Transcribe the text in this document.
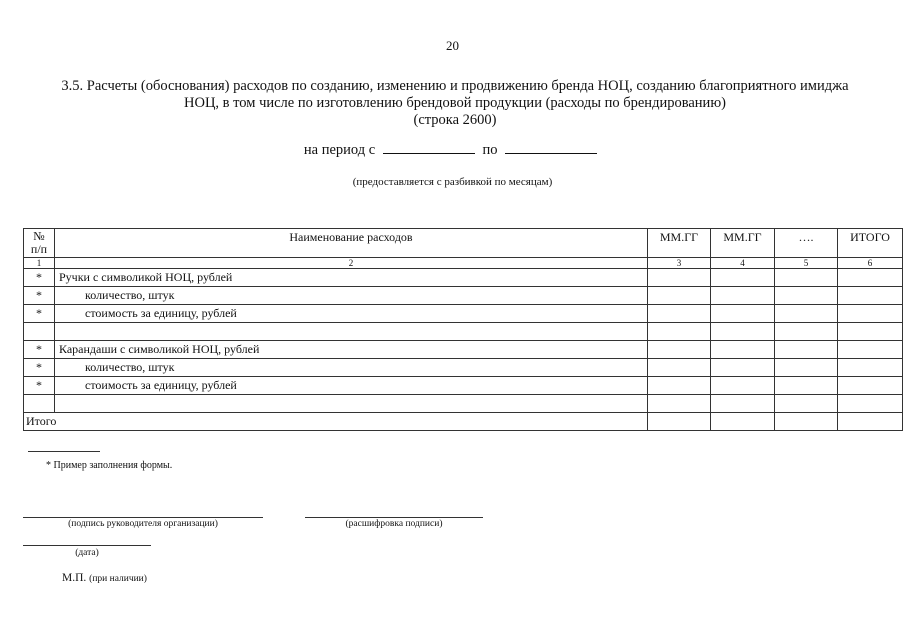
20
3.5. Расчеты (обоснования) расходов по созданию, изменению и продвижению бренда НОЦ, созданию благоприятного имиджа
НОЦ, в том числе по изготовлению брендовой продукции (расходы по брендированию)
(строка 2600)
на период с	по
(предоставляется с разбивкой по месяцам)
№ п/п	Наименование расходов	ММ.ГГ	ММ.ГГ	….	ИТОГО
1	2	3	4	5	6
*	Ручки с символикой НОЦ, рублей				
*	количество, штук				
*	стоимость за единицу, рублей				

*	Карандаши с символикой НОЦ, рублей				
*	количество, штук				
*	стоимость за единицу, рублей				

Итого					
* Пример заполнения формы.
(подпись руководителя организации)	(расшифровка подписи)
(дата)
М.П. (при наличии)
